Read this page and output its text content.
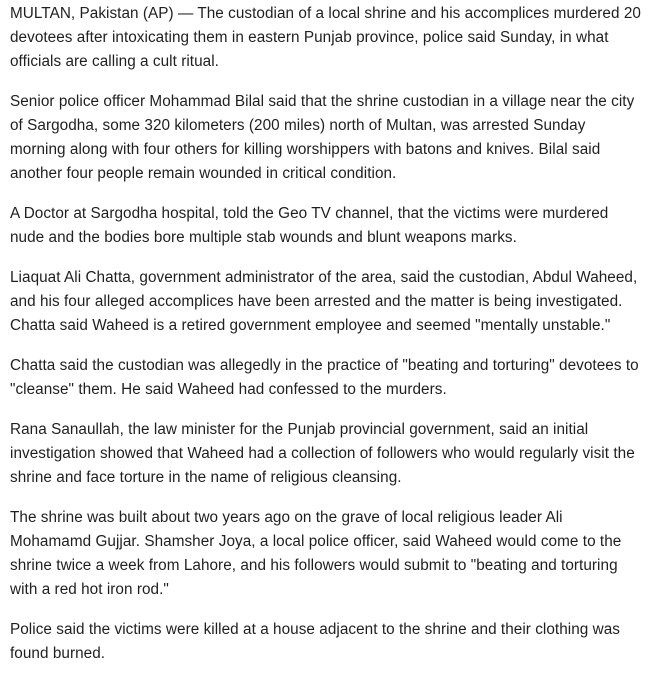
MULTAN, Pakistan (AP) — The custodian of a local shrine and his accomplices murdered 20 devotees after intoxicating them in eastern Punjab province, police said Sunday, in what officials are calling a cult ritual.

Senior police officer Mohammad Bilal said that the shrine custodian in a village near the city of Sargodha, some 320 kilometers (200 miles) north of Multan, was arrested Sunday morning along with four others for killing worshippers with batons and knives. Bilal said another four people remain wounded in critical condition.

A Doctor at Sargodha hospital, told the Geo TV channel, that the victims were murdered nude and the bodies bore multiple stab wounds and blunt weapons marks.

Liaquat Ali Chatta, government administrator of the area, said the custodian, Abdul Waheed, and his four alleged accomplices have been arrested and the matter is being investigated. Chatta said Waheed is a retired government employee and seemed "mentally unstable."

Chatta said the custodian was allegedly in the practice of "beating and torturing" devotees to "cleanse" them. He said Waheed had confessed to the murders.

Rana Sanaullah, the law minister for the Punjab provincial government, said an initial investigation showed that Waheed had a collection of followers who would regularly visit the shrine and face torture in the name of religious cleansing.

The shrine was built about two years ago on the grave of local religious leader Ali Mohamamd Gujjar. Shamsher Joya, a local police officer, said Waheed would come to the shrine twice a week from Lahore, and his followers would submit to "beating and torturing with a red hot iron rod."

Police said the victims were killed at a house adjacent to the shrine and their clothing was found burned.
